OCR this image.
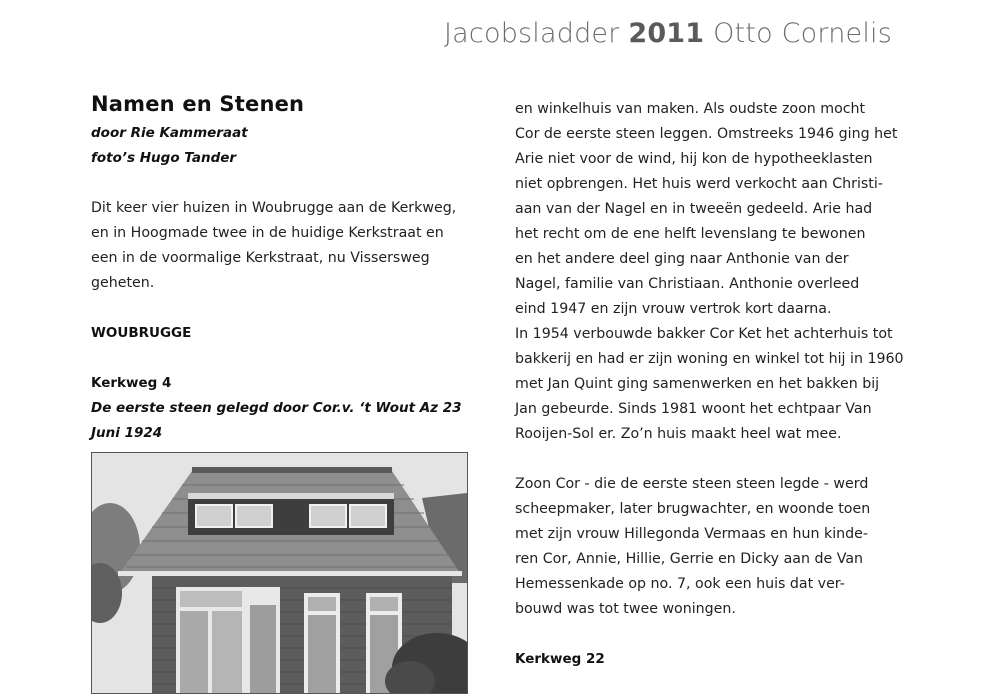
Jacobsladder 2011 Otto Cornelis
Namen en Stenen

door Rie Kammeraat

foto’s Hugo Tander

Dit keer vier huizen in Woubrugge aan de Kerkweg,
en in Hoogmade twee in de huidige Kerkstraat en
een in de voormalige Kerkstraat, nu Vissersweg
geheten.

WOUBRUGGE

Kerkweg 4

De eerste steen gelegd door Cor.v. ‘t Wout Az 23
Juni 1924

en winkelhuis van maken. Als oudste zoon mocht
Cor de eerste steen leggen. Omstreeks 1946 ging het
Arie niet voor de wind, hij kon de hypotheeklasten
niet opbrengen. Het huis werd verkocht aan Christi-
aan van der Nagel en in tweeën gedeeld. Arie had
het recht om de ene helft levenslang te bewonen
en het andere deel ging naar Anthonie van der
Nagel, familie van Christiaan. Anthonie overleed
eind 1947 en zijn vrouw vertrok kort daarna.
In 1954 verbouwde bakker Cor Ket het achterhuis tot
bakkerij en had er zijn woning en winkel tot hij in 1960
met Jan Quint ging samenwerken en het bakken bij
Jan gebeurde. Sinds 1981 woont het echtpaar Van
Rooijen-Sol er. Zo’n huis maakt heel wat mee.

Zoon Cor - die de eerste steen steen legde - werd
scheepmaker, later brugwachter, en woonde toen
met zijn vrouw Hillegonda Vermaas en hun kinde-
ren Cor, Annie, Hillie, Gerrie en Dicky aan de Van
Hemessenkade op no. 7, ook een huis dat ver-
bouwd was tot twee woningen.

Kerkweg 22
